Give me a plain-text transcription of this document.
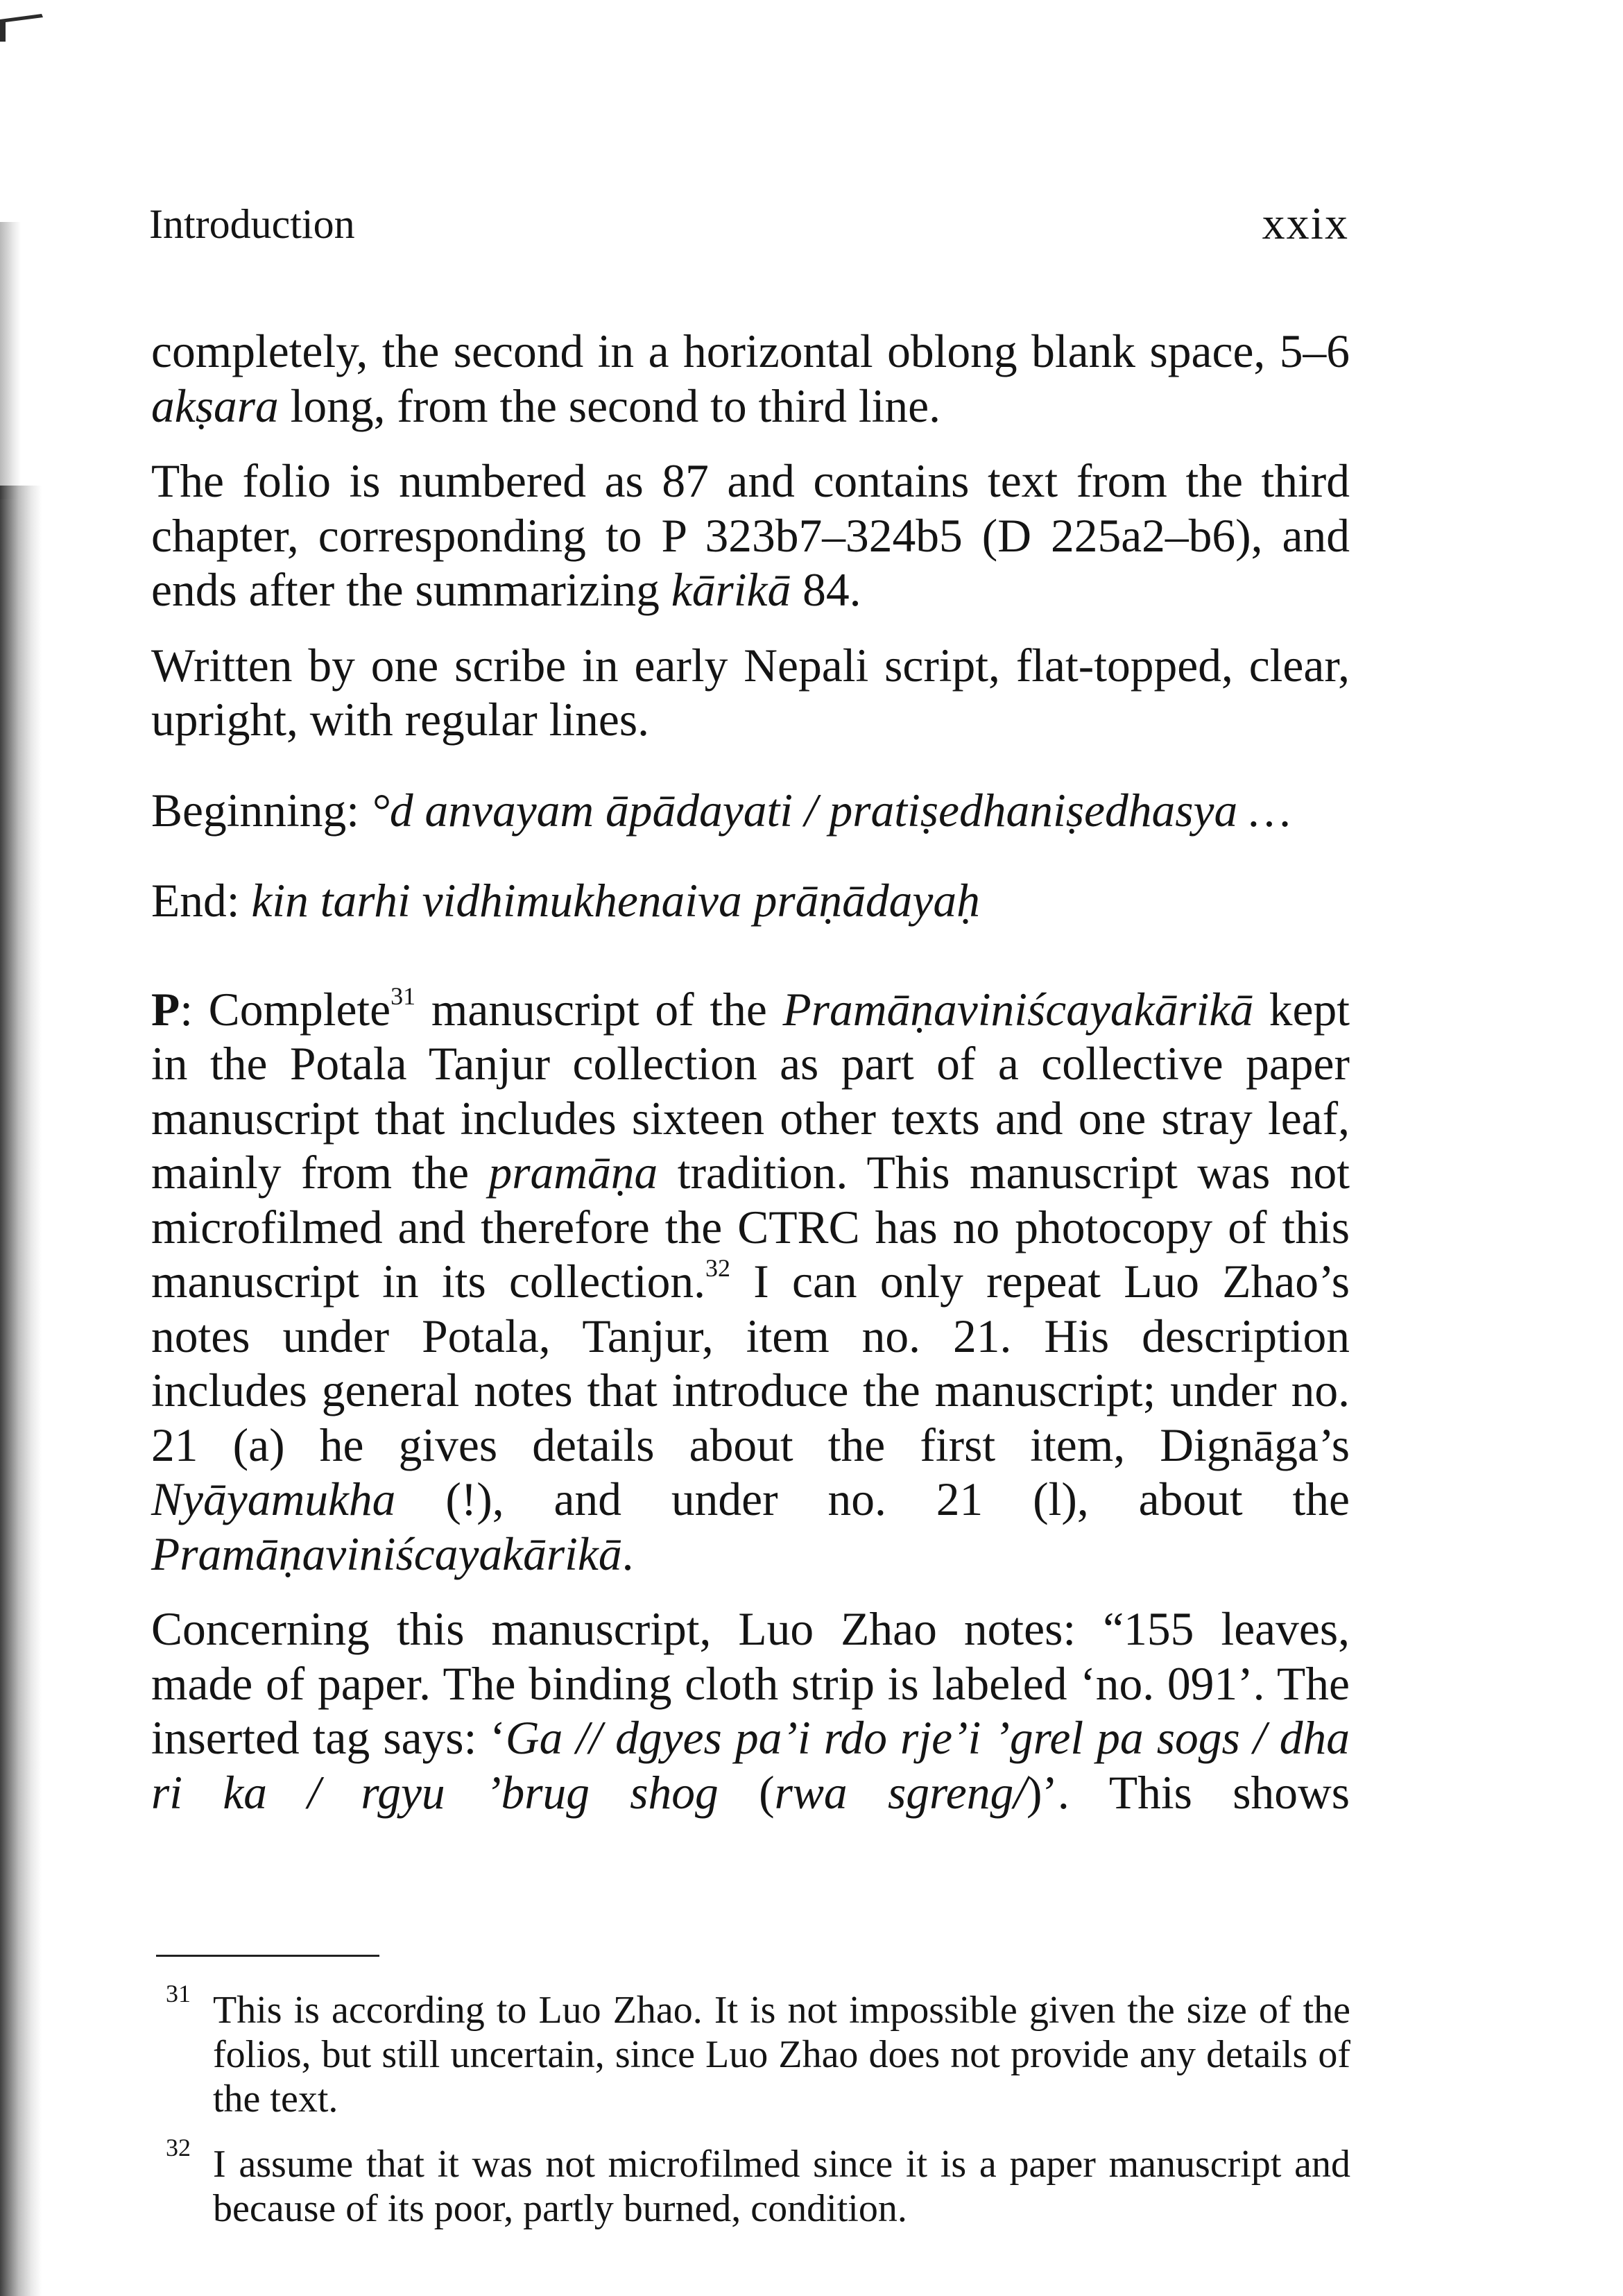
Introduction	xxix

completely, the second in a horizontal oblong blank space, 5–6 akṣara long, from the second to third line.

The folio is numbered as 87 and contains text from the third chapter, corresponding to P 323b7–324b5 (D 225a2–b6), and ends after the summarizing kārikā 84.

Written by one scribe in early Nepali script, flat-topped, clear, upright, with regular lines.

Beginning: °d anvayam āpādayati / pratiṣedhaniṣedhasya …

End: kin tarhi vidhimukhenaiva prāṇādayaḥ

P: Complete$^{31}$ manuscript of the Pramāṇaviniścayakārikā kept in the Potala Tanjur collection as part of a collective paper manuscript that includes sixteen other texts and one stray leaf, mainly from the pramāṇa tradition. This manuscript was not microfilmed and therefore the CTRC has no photocopy of this manuscript in its collection.$^{32}$ I can only repeat Luo Zhao’s notes under Potala, Tanjur, item no. 21. His description includes general notes that introduce the manuscript; under no. 21 (a) he gives details about the first item, Dignāga’s Nyāyamukha (!), and under no. 21 (l), about the Pramāṇaviniścayakārikā.

Concerning this manuscript, Luo Zhao notes: “155 leaves, made of paper. The binding cloth strip is labeled ‘no. 091’. The inserted tag says: ‘Ga // dgyes pa’i rdo rje’i ’grel pa sogs / dha ri ka / rgyu ’brug shog (rwa sgreng/)’. This shows

31 This is according to Luo Zhao. It is not impossible given the size of the folios, but still uncertain, since Luo Zhao does not provide any details of the text.

32 I assume that it was not microfilmed since it is a paper manuscript and because of its poor, partly burned, condition.
